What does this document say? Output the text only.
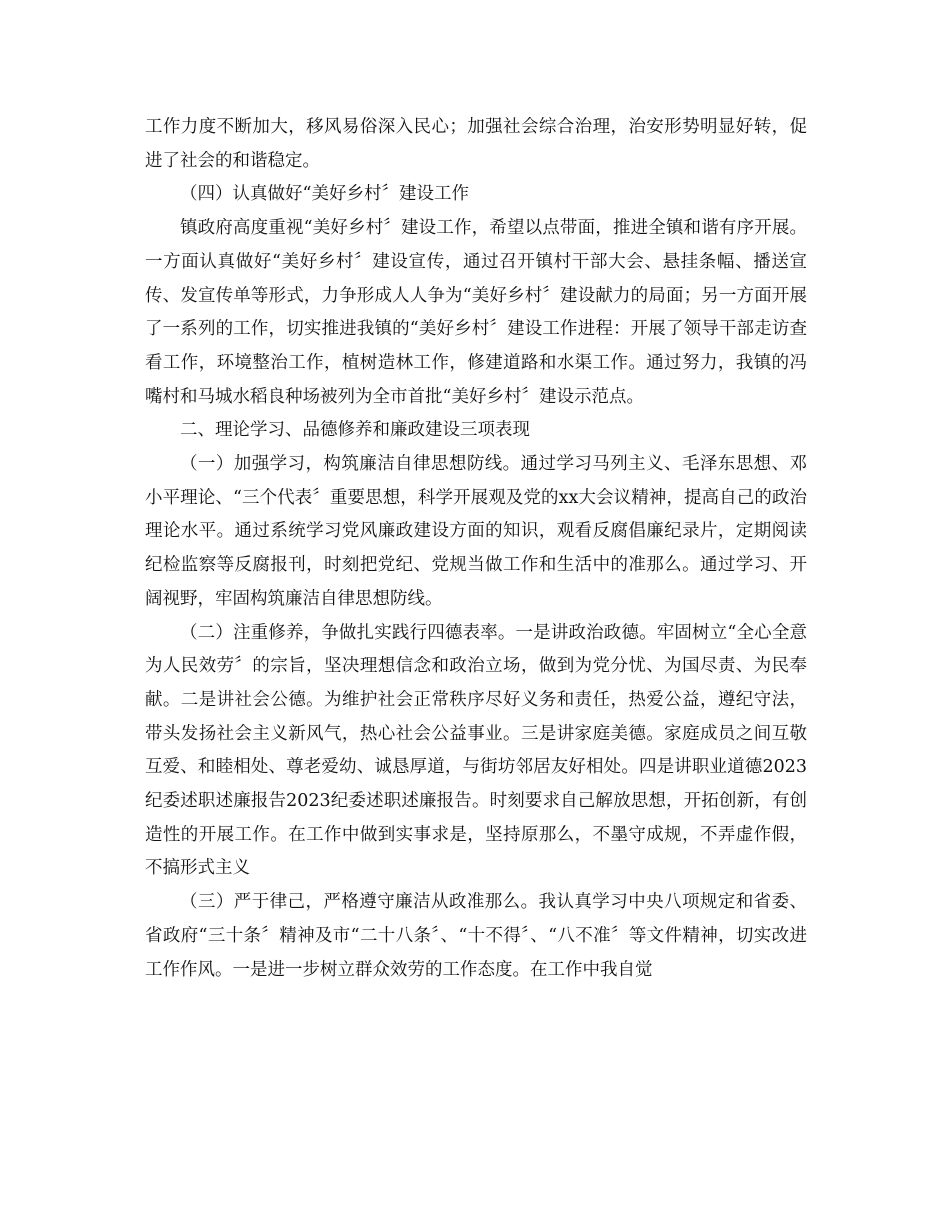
工作力度不断加大，移风易俗深入民心；加强社会综合治理，治安形势明显好转，促进了社会的和谐稳定。

（四）认真做好“美好乡村〞建设工作

镇政府高度重视“美好乡村〞建设工作，希望以点带面，推进全镇和谐有序开展。一方面认真做好“美好乡村〞建设宣传，通过召开镇村干部大会、悬挂条幅、播送宣传、发宣传单等形式，力争形成人人争为“美好乡村〞建设献力的局面；另一方面开展了一系列的工作，切实推进我镇的“美好乡村〞建设工作进程：开展了领导干部走访查看工作，环境整治工作，植树造林工作，修建道路和水渠工作。通过努力，我镇的冯嘴村和马城水稻良种场被列为全市首批“美好乡村〞建设示范点。

二、理论学习、品德修养和廉政建设三项表现

（一）加强学习，构筑廉洁自律思想防线。通过学习马列主义、毛泽东思想、邓小平理论、“三个代表〞重要思想，科学开展观及党的xx大会议精神，提高自己的政治理论水平。通过系统学习党风廉政建设方面的知识，观看反腐倡廉纪录片，定期阅读纪检监察等反腐报刊，时刻把党纪、党规当做工作和生活中的准那么。通过学习、开阔视野，牢固构筑廉洁自律思想防线。

（二）注重修养，争做扎实践行四德表率。一是讲政治政德。牢固树立“全心全意为人民效劳〞的宗旨，坚决理想信念和政治立场，做到为党分忧、为国尽责、为民奉献。二是讲社会公德。为维护社会正常秩序尽好义务和责任，热爱公益，遵纪守法，带头发扬社会主义新风气，热心社会公益事业。三是讲家庭美德。家庭成员之间互敬互爱、和睦相处、尊老爱幼、诚恳厚道，与街坊邻居友好相处。四是讲职业道德2023纪委述职述廉报告2023纪委述职述廉报告。时刻要求自己解放思想，开拓创新，有创造性的开展工作。在工作中做到实事求是，坚持原那么，不墨守成规，不弄虚作假，不搞形式主义

（三）严于律己，严格遵守廉洁从政准那么。我认真学习中央八项规定和省委、省政府“三十条〞精神及市“二十八条〞、“十不得〞、“八不准〞等文件精神，切实改进工作作风。一是进一步树立群众效劳的工作态度。在工作中我自觉
